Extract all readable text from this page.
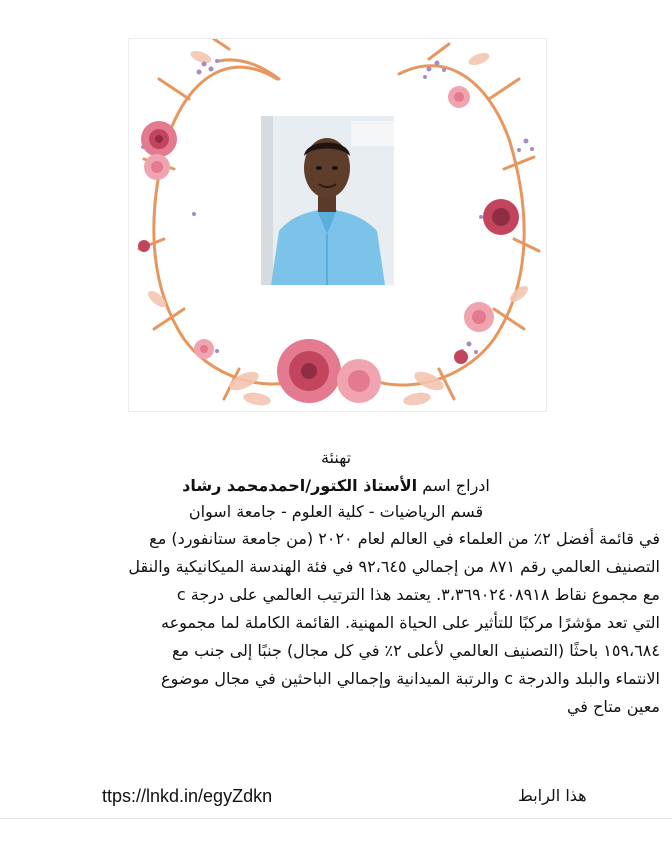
تهنئة
ادراج اسم الأستاذ الكتور/احمدمحمد رشاد
قسم الرياضيات - كلية العلوم - جامعة اسوان
في قائمة أفضل ٢٪ من العلماء في العالم لعام ٢٠٢٠ (من جامعة ستانفورد) مع
التصنيف العالمي رقم ٨٧١ من إجمالي ٩٢،٦٤٥ في فئة الهندسة الميكانيكية والنقل
مع مجموع نقاط ٣،٣٦٩٠٢٤٠٨٩١٨. يعتمد هذا الترتيب العالمي على درجة c
التي تعد مؤشرًا مركبًا للتأثير على الحياة المهنية. القائمة الكاملة لما مجموعه
١٥٩،٦٨٤ باحثًا (التصنيف العالمي لأعلى ٢٪ في كل مجال) جنبًا إلى جنب مع
الانتماء والبلد والدرجة c والرتبة الميدانية وإجمالي الباحثين في مجال موضوع
معين متاح في
ttps://lnkd.in/egyZdkn	هذا الرابط
